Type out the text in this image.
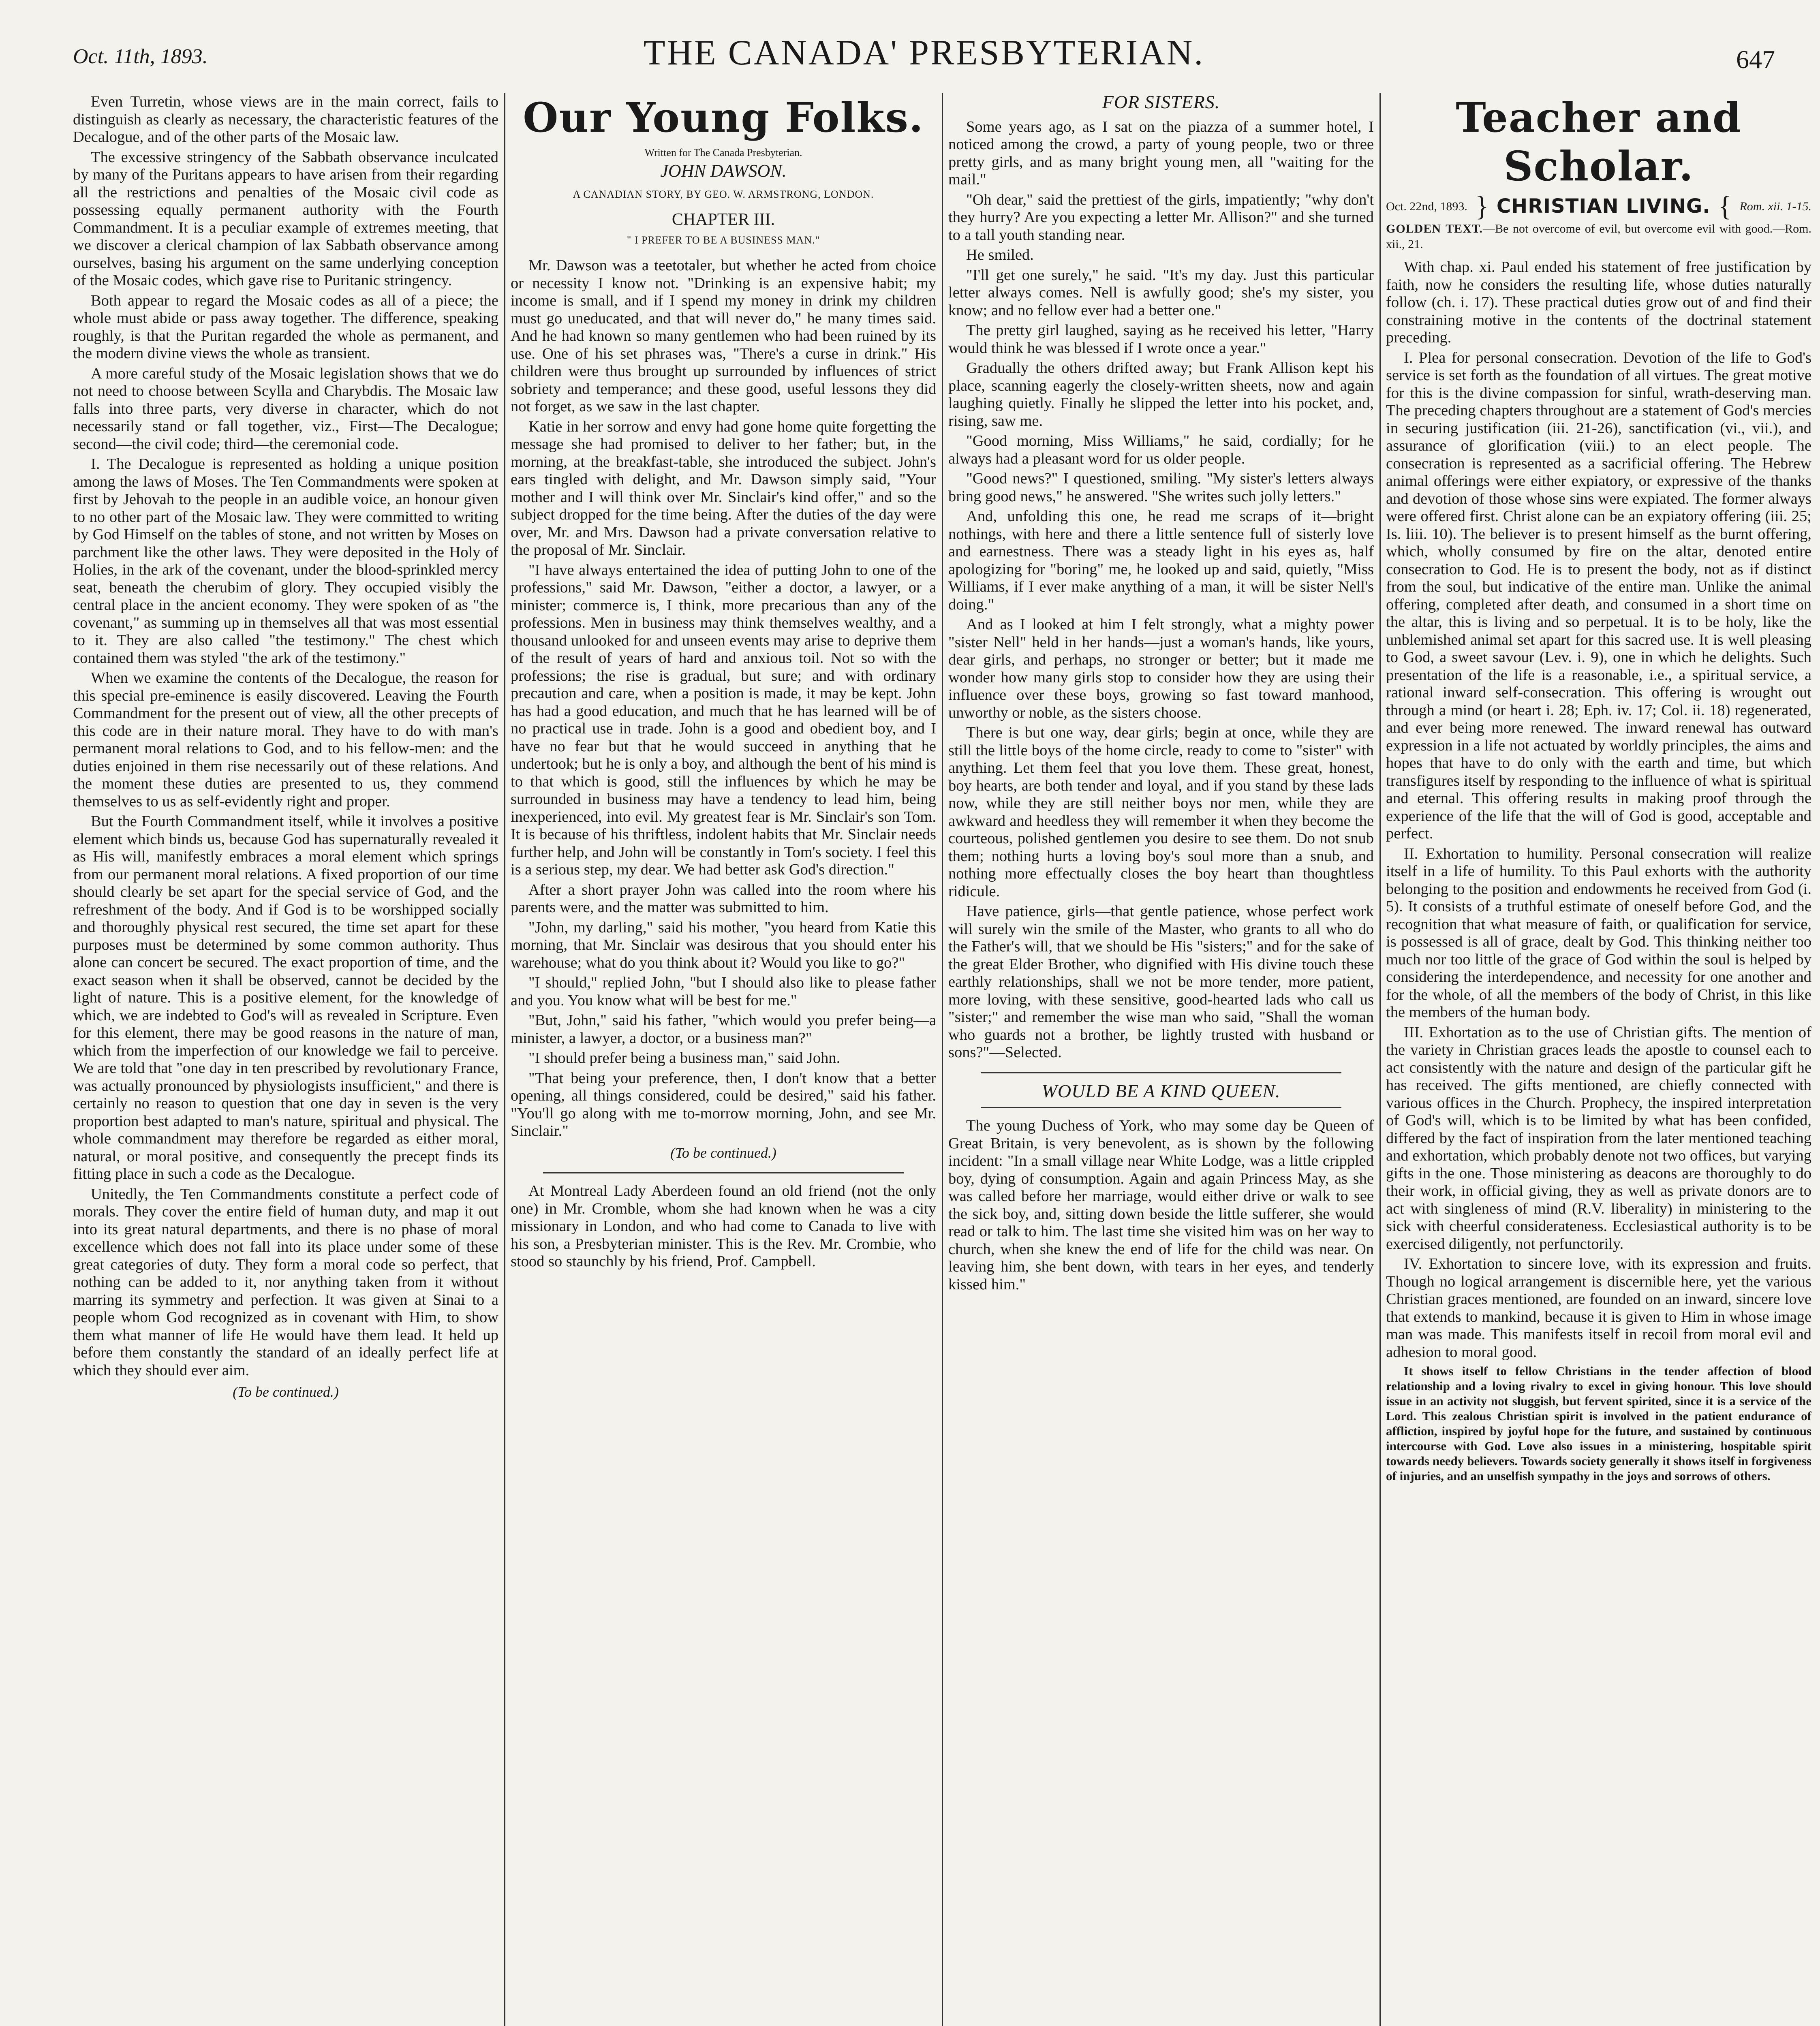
Oct. 11th, 1893.	THE CANADA' PRESBYTERIAN.	647

Even Turretin, whose views are in the main correct, fails to distinguish as clearly as necessary, the characteristic features of the Decalogue, and of the other parts of the Mosaic law.

The excessive stringency of the Sabbath observance inculcated by many of the Puritans appears to have arisen from their regarding all the restrictions and penalties of the Mosaic civil code as possessing equally permanent authority with the Fourth Commandment. It is a peculiar example of extremes meeting, that we discover a clerical champion of lax Sabbath observance among ourselves, basing his argument on the same underlying conception of the Mosaic codes, which gave rise to Puritanic stringency.

Both appear to regard the Mosaic codes as all of a piece; the whole must abide or pass away together. The difference, speaking roughly, is that the Puritan regarded the whole as permanent, and the modern divine views the whole as transient.

A more careful study of the Mosaic legislation shows that we do not need to choose between Scylla and Charybdis. The Mosaic law falls into three parts, very diverse in character, which do not necessarily stand or fall together, viz., First—The Decalogue; second—the civil code; third—the ceremonial code.

I. The Decalogue is represented as holding a unique position among the laws of Moses. The Ten Commandments were spoken at first by Jehovah to the people in an audible voice, an honour given to no other part of the Mosaic law. They were committed to writing by God Himself on the tables of stone, and not written by Moses on parchment like the other laws. They were deposited in the Holy of Holies, in the ark of the covenant, under the blood-sprinkled mercy seat, beneath the cherubim of glory. They occupied visibly the central place in the ancient economy. They were spoken of as "the covenant," as summing up in themselves all that was most essential to it. They are also called "the testimony." The chest which contained them was styled "the ark of the testimony."

When we examine the contents of the Decalogue, the reason for this special pre-eminence is easily discovered. Leaving the Fourth Commandment for the present out of view, all the other precepts of this code are in their nature moral. They have to do with man's permanent moral relations to God, and to his fellow-men: and the duties enjoined in them rise necessarily out of these relations. And the moment these duties are presented to us, they commend themselves to us as self-evidently right and proper.

But the Fourth Commandment itself, while it involves a positive element which binds us, because God has supernaturally revealed it as His will, manifestly embraces a moral element which springs from our permanent moral relations. A fixed proportion of our time should clearly be set apart for the special service of God, and the refreshment of the body. And if God is to be worshipped socially and thoroughly physical rest secured, the time set apart for these purposes must be determined by some common authority. Thus alone can concert be secured. The exact proportion of time, and the exact season when it shall be observed, cannot be decided by the light of nature. This is a positive element, for the knowledge of which, we are indebted to God's will as revealed in Scripture. Even for this element, there may be good reasons in the nature of man, which from the imperfection of our knowledge we fail to perceive. We are told that "one day in ten prescribed by revolutionary France, was actually pronounced by physiologists insufficient," and there is certainly no reason to question that one day in seven is the very proportion best adapted to man's nature, spiritual and physical. The whole commandment may therefore be regarded as either moral, natural, or moral positive, and consequently the precept finds its fitting place in such a code as the Decalogue.

Unitedly, the Ten Commandments constitute a perfect code of morals. They cover the entire field of human duty, and map it out into its great natural departments, and there is no phase of moral excellence which does not fall into its place under some of these great categories of duty. They form a moral code so perfect, that nothing can be added to it, nor anything taken from it without marring its symmetry and perfection. It was given at Sinai to a people whom God recognized as in covenant with Him, to show them what manner of life He would have them lead. It held up before them constantly the standard of an ideally perfect life at which they should ever aim.

(To be continued.)
Our Young Folks.

Written for The Canada Presbyterian.

JOHN DAWSON.
A CANADIAN STORY, BY GEO. W. ARMSTRONG, LONDON.
CHAPTER III.
" I PREFER TO BE A BUSINESS MAN."

Mr. Dawson was a teetotaler, but whether he acted from choice or necessity I know not. "Drinking is an expensive habit; my income is small, and if I spend my money in drink my children must go uneducated, and that will never do," he many times said. And he had known so many gentlemen who had been ruined by its use. One of his set phrases was, "There's a curse in drink." His children were thus brought up surrounded by influences of strict sobriety and temperance; and these good, useful lessons they did not forget, as we saw in the last chapter.

Katie in her sorrow and envy had gone home quite forgetting the message she had promised to deliver to her father; but, in the morning, at the breakfast-table, she introduced the subject. John's ears tingled with delight, and Mr. Dawson simply said, "Your mother and I will think over Mr. Sinclair's kind offer," and so the subject dropped for the time being. After the duties of the day were over, Mr. and Mrs. Dawson had a private conversation relative to the proposal of Mr. Sinclair.

"I have always entertained the idea of putting John to one of the professions," said Mr. Dawson, "either a doctor, a lawyer, or a minister; commerce is, I think, more precarious than any of the professions. Men in business may think themselves wealthy, and a thousand unlooked for and unseen events may arise to deprive them of the result of years of hard and anxious toil. Not so with the professions; the rise is gradual, but sure; and with ordinary precaution and care, when a position is made, it may be kept. John has had a good education, and much that he has learned will be of no practical use in trade. John is a good and obedient boy, and I have no fear but that he would succeed in anything that he undertook; but he is only a boy, and although the bent of his mind is to that which is good, still the influences by which he may be surrounded in business may have a tendency to lead him, being inexperienced, into evil. My greatest fear is Mr. Sinclair's son Tom. It is because of his thriftless, indolent habits that Mr. Sinclair needs further help, and John will be constantly in Tom's society. I feel this is a serious step, my dear. We had better ask God's direction."

After a short prayer John was called into the room where his parents were, and the matter was submitted to him.

"John, my darling," said his mother, "you heard from Katie this morning, that Mr. Sinclair was desirous that you should enter his warehouse; what do you think about it? Would you like to go?"

"I should," replied John, "but I should also like to please father and you. You know what will be best for me."

"But, John," said his father, "which would you prefer being—a minister, a lawyer, a doctor, or a business man?"

"I should prefer being a business man," said John.

"That being your preference, then, I don't know that a better opening, all things considered, could be desired," said his father. "You'll go along with me to-morrow morning, John, and see Mr. Sinclair."

(To be continued.)

At Montreal Lady Aberdeen found an old friend (not the only one) in Mr. Cromble, whom she had known when he was a city missionary in London, and who had come to Canada to live with his son, a Presbyterian minister. This is the Rev. Mr. Crombie, who stood so staunchly by his friend, Prof. Campbell.

FOR SISTERS.

Some years ago, as I sat on the piazza of a summer hotel, I noticed among the crowd, a party of young people, two or three pretty girls, and as many bright young men, all "waiting for the mail."

"Oh dear," said the prettiest of the girls, impatiently; "why don't they hurry? Are you expecting a letter Mr. Allison?" and she turned to a tall youth standing near.

He smiled.

"I'll get one surely," he said. "It's my day. Just this particular letter always comes. Nell is awfully good; she's my sister, you know; and no fellow ever had a better one."

The pretty girl laughed, saying as he received his letter, "Harry would think he was blessed if I wrote once a year."

Gradually the others drifted away; but Frank Allison kept his place, scanning eagerly the closely-written sheets, now and again laughing quietly. Finally he slipped the letter into his pocket, and, rising, saw me.

"Good morning, Miss Williams," he said, cordially; for he always had a pleasant word for us older people.

"Good news?" I questioned, smiling. "My sister's letters always bring good news," he answered. "She writes such jolly letters."

And, unfolding this one, he read me scraps of it—bright nothings, with here and there a little sentence full of sisterly love and earnestness. There was a steady light in his eyes as, half apologizing for "boring" me, he looked up and said, quietly, "Miss Williams, if I ever make anything of a man, it will be sister Nell's doing."

And as I looked at him I felt strongly, what a mighty power "sister Nell" held in her hands—just a woman's hands, like yours, dear girls, and perhaps, no stronger or better; but it made me wonder how many girls stop to consider how they are using their influence over these boys, growing so fast toward manhood, unworthy or noble, as the sisters choose.

There is but one way, dear girls; begin at once, while they are still the little boys of the home circle, ready to come to "sister" with anything. Let them feel that you love them. These great, honest, boy hearts, are both tender and loyal, and if you stand by these lads now, while they are still neither boys nor men, while they are awkward and heedless they will remember it when they become the courteous, polished gentlemen you desire to see them. Do not snub them; nothing hurts a loving boy's soul more than a snub, and nothing more effectually closes the boy heart than thoughtless ridicule.

Have patience, girls—that gentle patience, whose perfect work will surely win the smile of the Master, who grants to all who do the Father's will, that we should be His "sisters;" and for the sake of the great Elder Brother, who dignified with His divine touch these earthly relationships, shall we not be more tender, more patient, more loving, with these sensitive, good-hearted lads who call us "sister;" and remember the wise man who said, "Shall the woman who guards not a brother, be lightly trusted with husband or sons?"—Selected.

WOULD BE A KIND QUEEN.

The young Duchess of York, who may some day be Queen of Great Britain, is very benevolent, as is shown by the following incident: "In a small village near White Lodge, was a little crippled boy, dying of consumption. Again and again Princess May, as she was called before her marriage, would either drive or walk to see the sick boy, and, sitting down beside the little sufferer, she would read or talk to him. The last time she visited him was on her way to church, when she knew the end of life for the child was near. On leaving him, she bent down, with tears in her eyes, and tenderly kissed him."

Teacher and Scholar.
Oct. 22nd, 1893. } CHRISTIAN LIVING. { Rom. xii. 1-15.
GOLDEN TEXT.—Be not overcome of evil, but overcome evil with good.—Rom. xii., 21.

With chap. xi. Paul ended his statement of free justification by faith, now he considers the resulting life, whose duties naturally follow (ch. i. 17). These practical duties grow out of and find their constraining motive in the contents of the doctrinal statement preceding.

I. Plea for personal consecration. Devotion of the life to God's service is set forth as the foundation of all virtues. The great motive for this is the divine compassion for sinful, wrath-deserving man. The preceding chapters throughout are a statement of God's mercies in securing justification (iii. 21-26), sanctification (vi., vii.), and assurance of glorification (viii.) to an elect people. The consecration is represented as a sacrificial offering. The Hebrew animal offerings were either expiatory, or expressive of the thanks and devotion of those whose sins were expiated. The former always were offered first. Christ alone can be an expiatory offering (iii. 25; Is. liii. 10). The believer is to present himself as the burnt offering, which, wholly consumed by fire on the altar, denoted entire consecration to God. He is to present the body, not as if distinct from the soul, but indicative of the entire man. Unlike the animal offering, completed after death, and consumed in a short time on the altar, this is living and so perpetual. It is to be holy, like the unblemished animal set apart for this sacred use. It is well pleasing to God, a sweet savour (Lev. i. 9), one in which he delights. Such presentation of the life is a reasonable, i.e., a spiritual service, a rational inward self-consecration. This offering is wrought out through a mind (or heart i. 28; Eph. iv. 17; Col. ii. 18) regenerated, and ever being more renewed. The inward renewal has outward expression in a life not actuated by worldly principles, the aims and hopes that have to do only with the earth and time, but which transfigures itself by responding to the influence of what is spiritual and eternal. This offering results in making proof through the experience of the life that the will of God is good, acceptable and perfect.

II. Exhortation to humility. Personal consecration will realize itself in a life of humility. To this Paul exhorts with the authority belonging to the position and endowments he received from God (i. 5). It consists of a truthful estimate of oneself before God, and the recognition that what measure of faith, or qualification for service, is possessed is all of grace, dealt by God. This thinking neither too much nor too little of the grace of God within the soul is helped by considering the interdependence, and necessity for one another and for the whole, of all the members of the body of Christ, in this like the members of the human body.

III. Exhortation as to the use of Christian gifts. The mention of the variety in Christian graces leads the apostle to counsel each to act consistently with the nature and design of the particular gift he has received. The gifts mentioned, are chiefly connected with various offices in the Church. Prophecy, the inspired interpretation of God's will, which is to be limited by what has been confided, differed by the fact of inspiration from the later mentioned teaching and exhortation, which probably denote not two offices, but varying gifts in the one. Those ministering as deacons are thoroughly to do their work, in official giving, they as well as private donors are to act with singleness of mind (R.V. liberality) in ministering to the sick with cheerful considerateness. Ecclesiastical authority is to be exercised diligently, not perfunctorily.

IV. Exhortation to sincere love, with its expression and fruits. Though no logical arrangement is discernible here, yet the various Christian graces mentioned, are founded on an inward, sincere love that extends to mankind, because it is given to Him in whose image man was made. This manifests itself in recoil from moral evil and adhesion to moral good.

It shows itself to fellow Christians in the tender affection of blood relationship and a loving rivalry to excel in giving honour. This love should issue in an activity not sluggish, but fervent spirited, since it is a service of the Lord. This zealous Christian spirit is involved in the patient endurance of affliction, inspired by joyful hope for the future, and sustained by continuous intercourse with God. Love also issues in a ministering, hospitable spirit towards needy believers. Towards society generally it shows itself in forgiveness of injuries, and an unselfish sympathy in the joys and sorrows of others.
